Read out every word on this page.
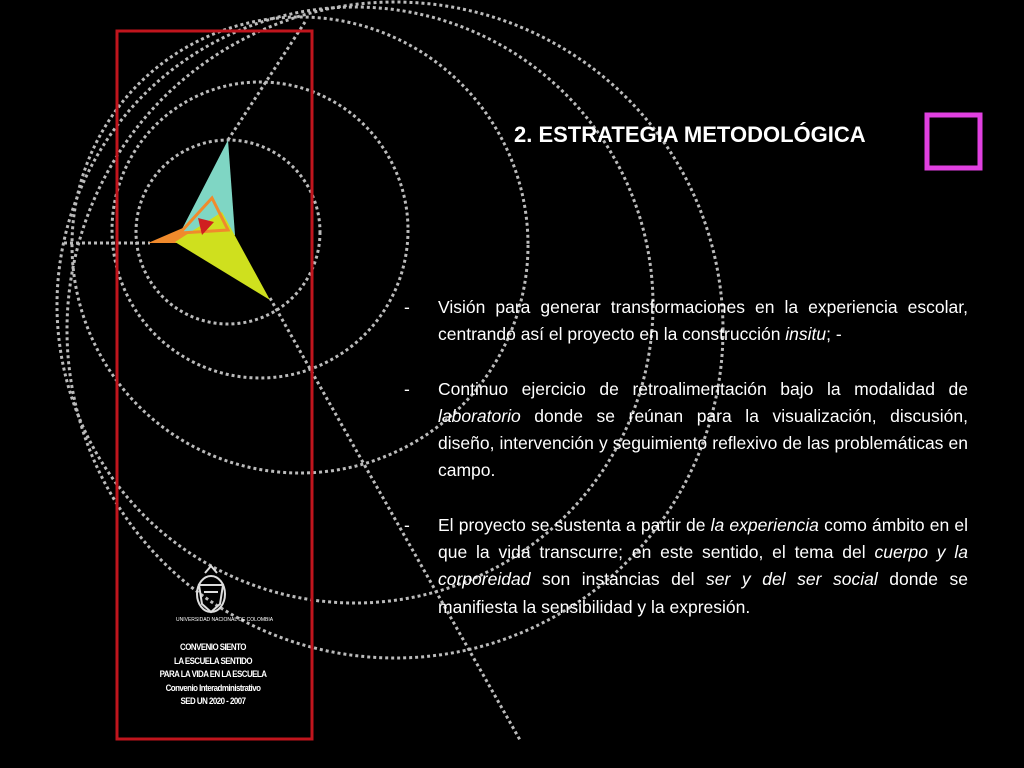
2. ESTRATEGIA METODOLÓGICA
-	Visión para generar transformaciones en la experiencia escolar, centrando así el proyecto en la construcción insitu; -
-	Continuo ejercicio de retroalimentación bajo la modalidad de laboratorio donde se reúnan para la visualización, discusión, diseño, intervención y seguimiento reflexivo de las problemáticas en campo.
-	El proyecto se sustenta a partir de la experiencia como ámbito en el que la vida transcurre; en este sentido, el tema del cuerpo y la corporeidad son instancias del ser y del ser social donde se manifiesta la sensibilidad y la expresión.
UNIVERSIDAD NACIONAL DE COLOMBIA
CONVENIO SIENTO
LA ESCUELA SENTIDO
PARA LA VIDA EN LA ESCUELA
Convenio Interadministrativo
SED UN 2020 - 2007
